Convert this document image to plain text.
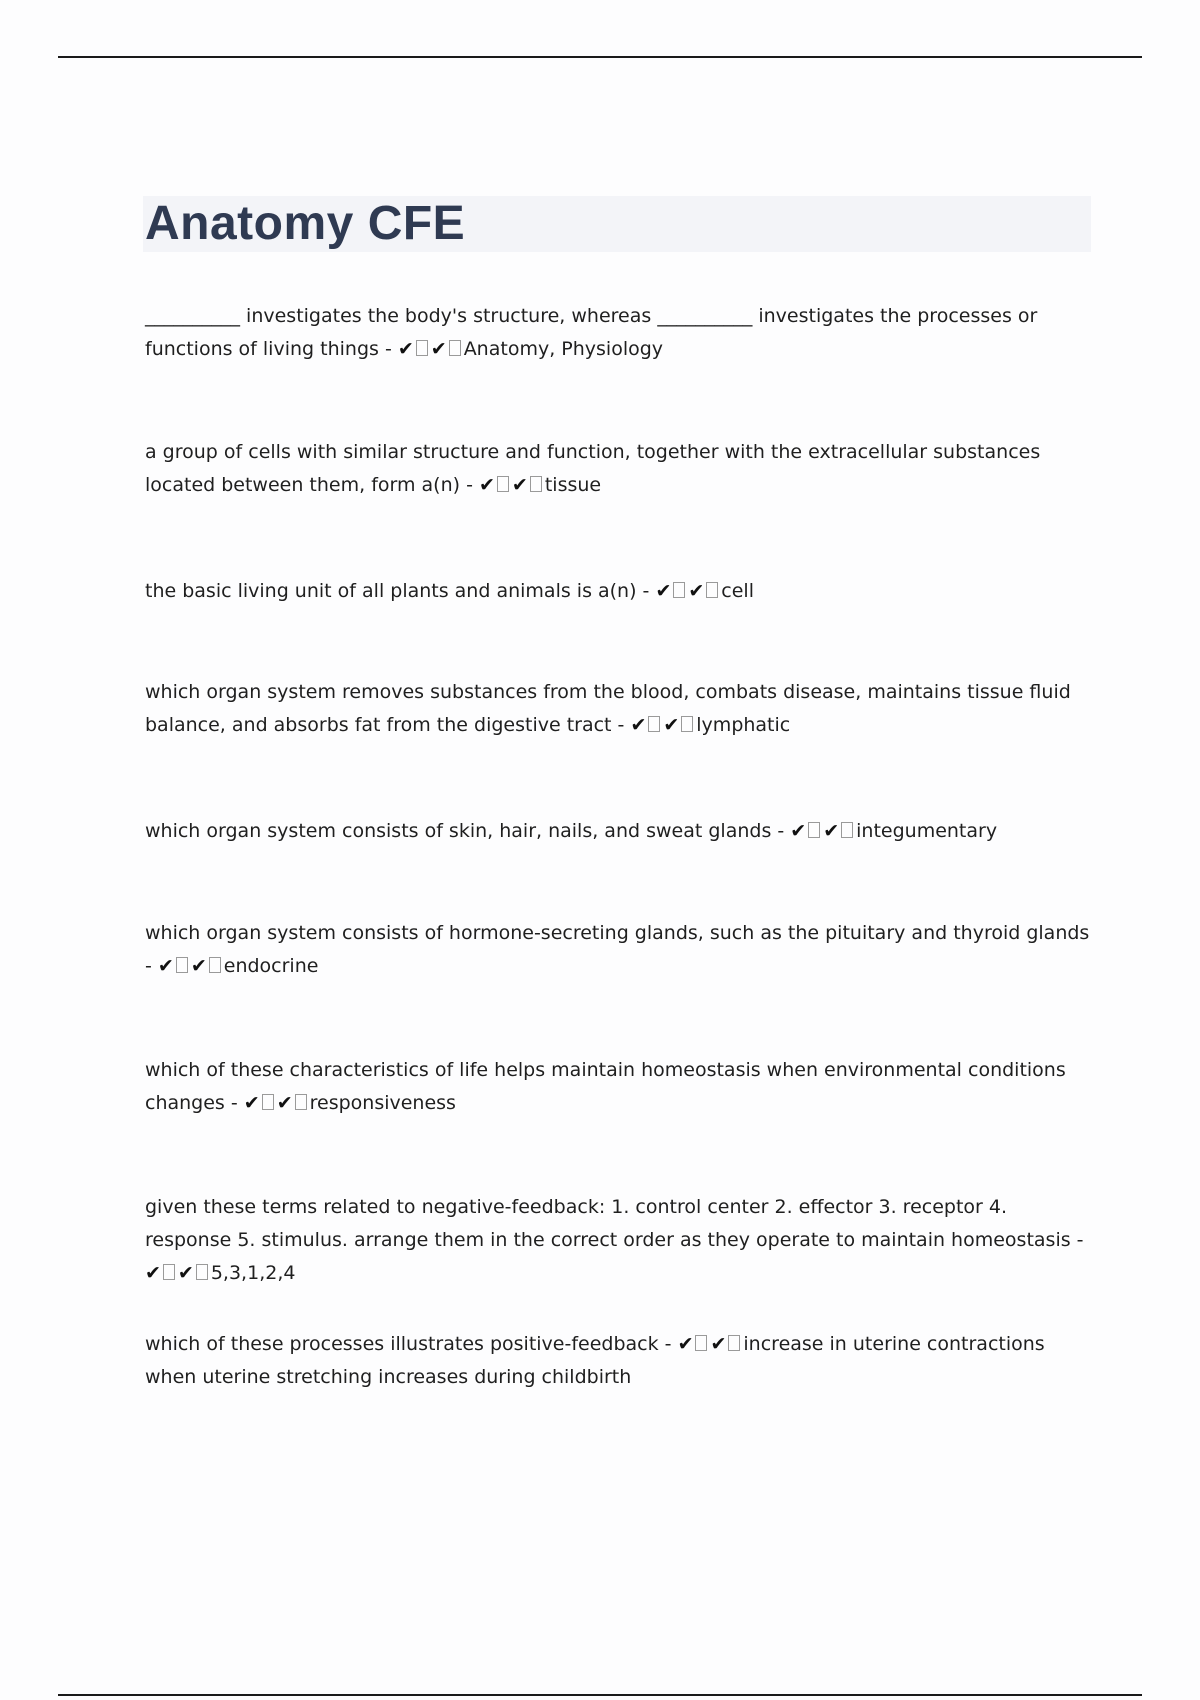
Anatomy CFE

__________ investigates the body's structure, whereas __________ investigates the processes or functions of living things - ✔ ✔ Anatomy, Physiology

a group of cells with similar structure and function, together with the extracellular substances located between them, form a(n) - ✔ ✔ tissue

the basic living unit of all plants and animals is a(n) - ✔ ✔ cell

which organ system removes substances from the blood, combats disease, maintains tissue fluid balance, and absorbs fat from the digestive tract - ✔ ✔ lymphatic

which organ system consists of skin, hair, nails, and sweat glands - ✔ ✔ integumentary

which organ system consists of hormone-secreting glands, such as the pituitary and thyroid glands - ✔ ✔ endocrine

which of these characteristics of life helps maintain homeostasis when environmental conditions changes - ✔ ✔ responsiveness

given these terms related to negative-feedback: 1. control center 2. effector 3. receptor 4. response 5. stimulus. arrange them in the correct order as they operate to maintain homeostasis - ✔ ✔ 5,3,1,2,4

which of these processes illustrates positive-feedback - ✔ ✔ increase in uterine contractions when uterine stretching increases during childbirth
